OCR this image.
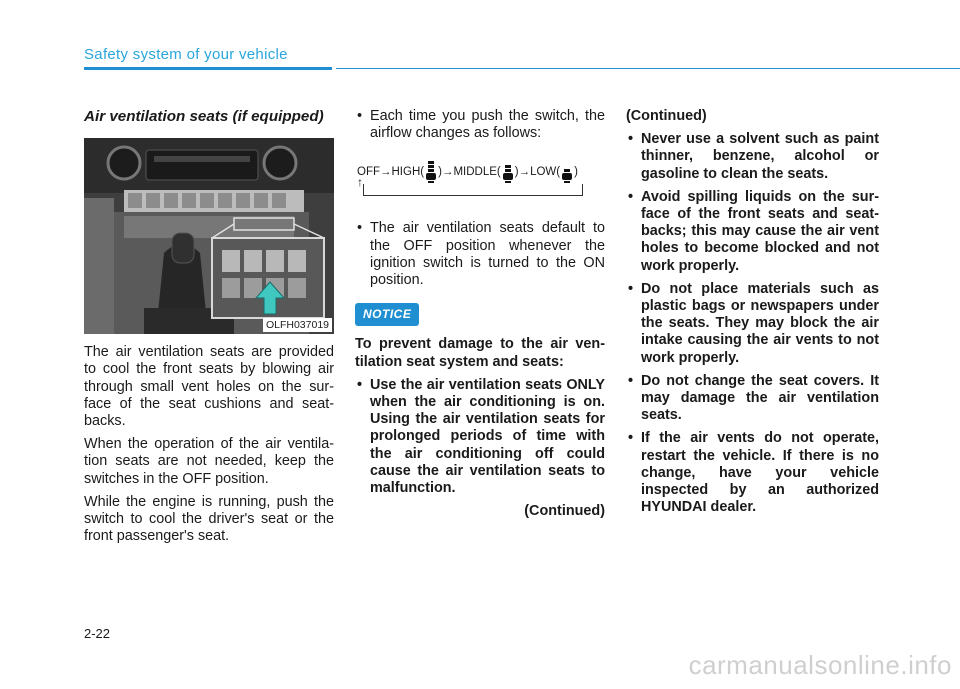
Safety system of your vehicle
Air ventilation seats (if equipped)
OLFH037019

The air ventilation seats are provided to cool the front seats by blowing air through small vent holes on the sur-face of the seat cushions and seat-backs.

When the operation of the air ventila-tion seats are not needed, keep the switches in the OFF position.

While the engine is running, push the switch to cool the driver's seat or the front passenger's seat.

• Each time you push the switch, the airflow changes as follows:
OFF→HIGH( )→MIDDLE( )→LOW( )
↑
• The air ventilation seats default to the OFF position whenever the ignition switch is turned to the ON position.
NOTICE

To prevent damage to the air ven-tilation seat system and seats:

• Use the air ventilation seats ONLY when the air conditioning is on. Using the air ventilation seats for prolonged periods of time with the air conditioning off could cause the air ventilation seats to malfunction.
(Continued)
(Continued)
• Never use a solvent such as paint thinner, benzene, alcohol or gasoline to clean the seats.
• Avoid spilling liquids on the sur-face of the front seats and seat-backs; this may cause the air vent holes to become blocked and not work properly.
• Do not place materials such as plastic bags or newspapers under the seats. They may block the air intake causing the air vents to not work properly.
• Do not change the seat covers. It may damage the air ventilation seats.
• If the air vents do not operate, restart the vehicle. If there is no change, have your vehicle inspected by an authorized HYUNDAI dealer.
2-22
carmanualsonline.info
